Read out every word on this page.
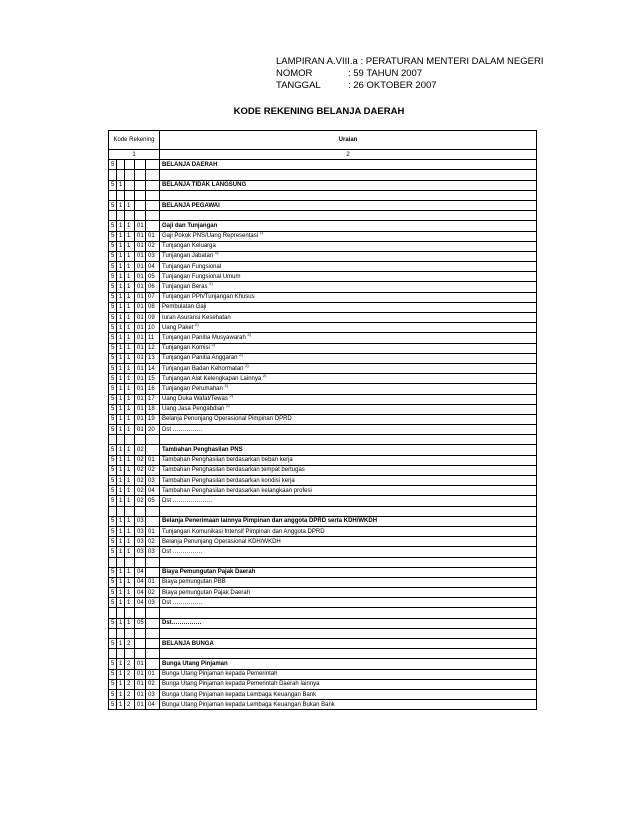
LAMPIRAN A.VIII.a : PERATURAN MENTERI DALAM NEGERI
NOMOR	: 59 TAHUN 2007
TANGGAL	: 26 OKTOBER 2007
KODE REKENING BELANJA DAERAH
Kode Rekening					Uraian
1					2
5					BELANJA DAERAH

5	1				BELANJA TIDAK LANGSUNG

5	1	1			BELANJA PEGAWAI

5	1	1	01		Gaji dan Tunjangan
5	1	1	01	01	Gaji Pokok PNS/Uang Representasi $^{1)}$
5	1	1	01	02	Tunjangan Keluarga
5	1	1	01	03	Tunjangan Jabatan $^{1)}$
5	1	1	01	04	Tunjangan Fungsional
5	1	1	01	05	Tunjangan Fungsional Umum
5	1	1	01	06	Tunjangan Beras $^{2)}$
5	1	1	01	07	Tunjangan PPh/Tunjangan Khusus
5	1	1	01	08	Pembulatan Gaji
5	1	1	01	09	Iuran Asuransi Kesehatan
5	1	1	01	10	Uang Paket $^{2)}$
5	1	1	01	11	Tunjangan Panitia Musyawarah $^{2)}$
5	1	1	01	12	Tunjangan Komisi $^{2)}$
5	1	1	01	13	Tunjangan Panitia Anggaran $^{2)}$
5	1	1	01	14	Tunjangan Badan Kehormatan $^{2)}$
5	1	1	01	15	Tunjangan Alat Kelengkapan Lainnya $^{2)}$
5	1	1	01	16	Tunjangan Perumahan $^{2)}$
5	1	1	01	17	Uang Duka Wafat/Tewas $^{2)}$
5	1	1	01	18	Uang Jasa Pengabdian $^{2)}$
5	1	1	01	19	Belanja Penunjang Operasional Pimpinan DPRD
5	1	1	01	20	Dst ……………

5	1	1	02		Tambahan Penghasilan PNS
5	1	1	02	01	Tambahan Penghasilan berdasarkan beban kerja
5	1	1	02	02	Tambahan Penghasilan berdasarkan tempat bertugas
5	1	1	02	03	Tambahan Penghasilan berdasarkan kondisi kerja
5	1	1	02	04	Tambahan Penghasilan berdasarkan kelangkaan profesi
5	1	1	02	05	Dst ………………..

5	1	1	03		Belanja Penerimaan lainnya Pimpinan dan anggota DPRD serta KDH/WKDH
5	1	1	03	01	Tunjangan Komunikasi Intensif Pimpinan dan Anggota DPRD
5	1	1	03	02	Belanja Penunjang Operasional KDH/WKDH
5	1	1	03	03	Dst ……………

5	1	1	04		Biaya Pemungutan Pajak Daerah
5	1	1	04	01	Biaya pemungutan PBB
5	1	1	04	02	Biaya pemungutan Pajak Daerah
5	1	1	04	03	Dst ……………

5	1	1	05		Dst……………

5	1	2			BELANJA BUNGA

5	1	2	01		Bunga Utang Pinjaman
5	1	2	01	01	Bunga Utang Pinjaman kepada Pemerintah
5	1	2	01	02	Bunga Utang Pinjaman kepada Pemerintah Daerah lainnya
5	1	2	01	03	Bunga Utang Pinjaman kepada Lembaga Keuangan Bank
5	1	2	01	04	Bunga Utang Pinjaman kepada Lembaga Keuangan Bukan Bank
